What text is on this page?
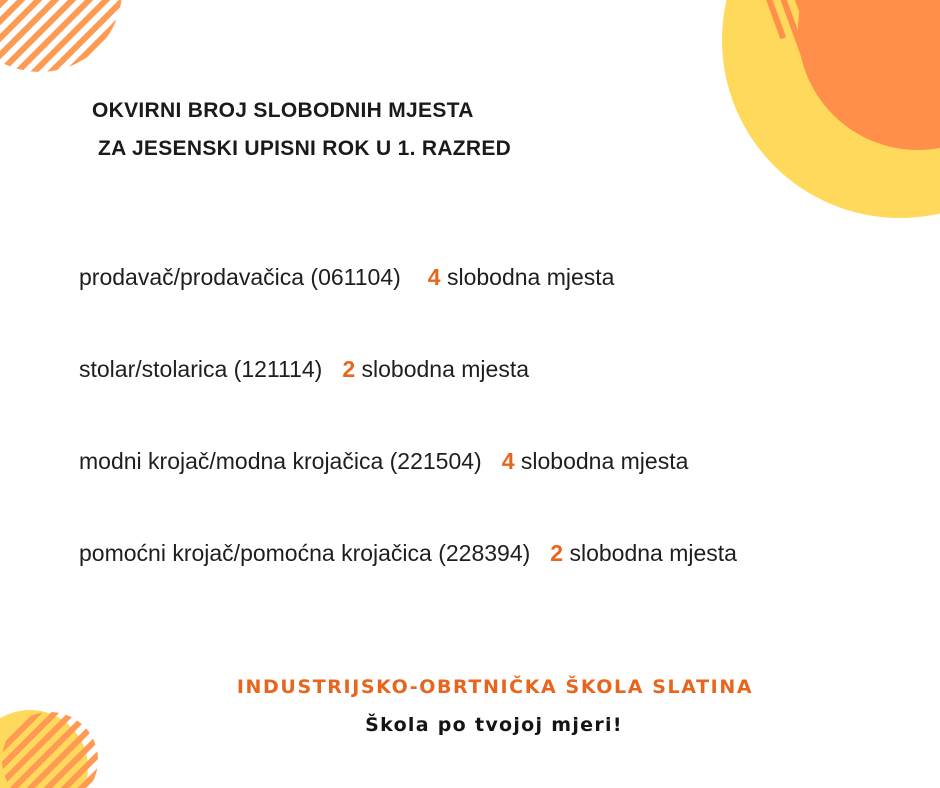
OKVIRNI BROJ SLOBODNIH MJESTA
ZA JESENSKI UPISNI ROK U 1. RAZRED
prodavač/prodavačica (061104) 4 slobodna mjesta
stolar/stolarica (121114) 2 slobodna mjesta
modni krojač/modna krojačica (221504) 4 slobodna mjesta
pomoćni krojač/pomoćna krojačica (228394) 2 slobodna mjesta
INDUSTRIJSKO-OBRTNIČKA ŠKOLA SLATINA
Škola po tvojoj mjeri!
